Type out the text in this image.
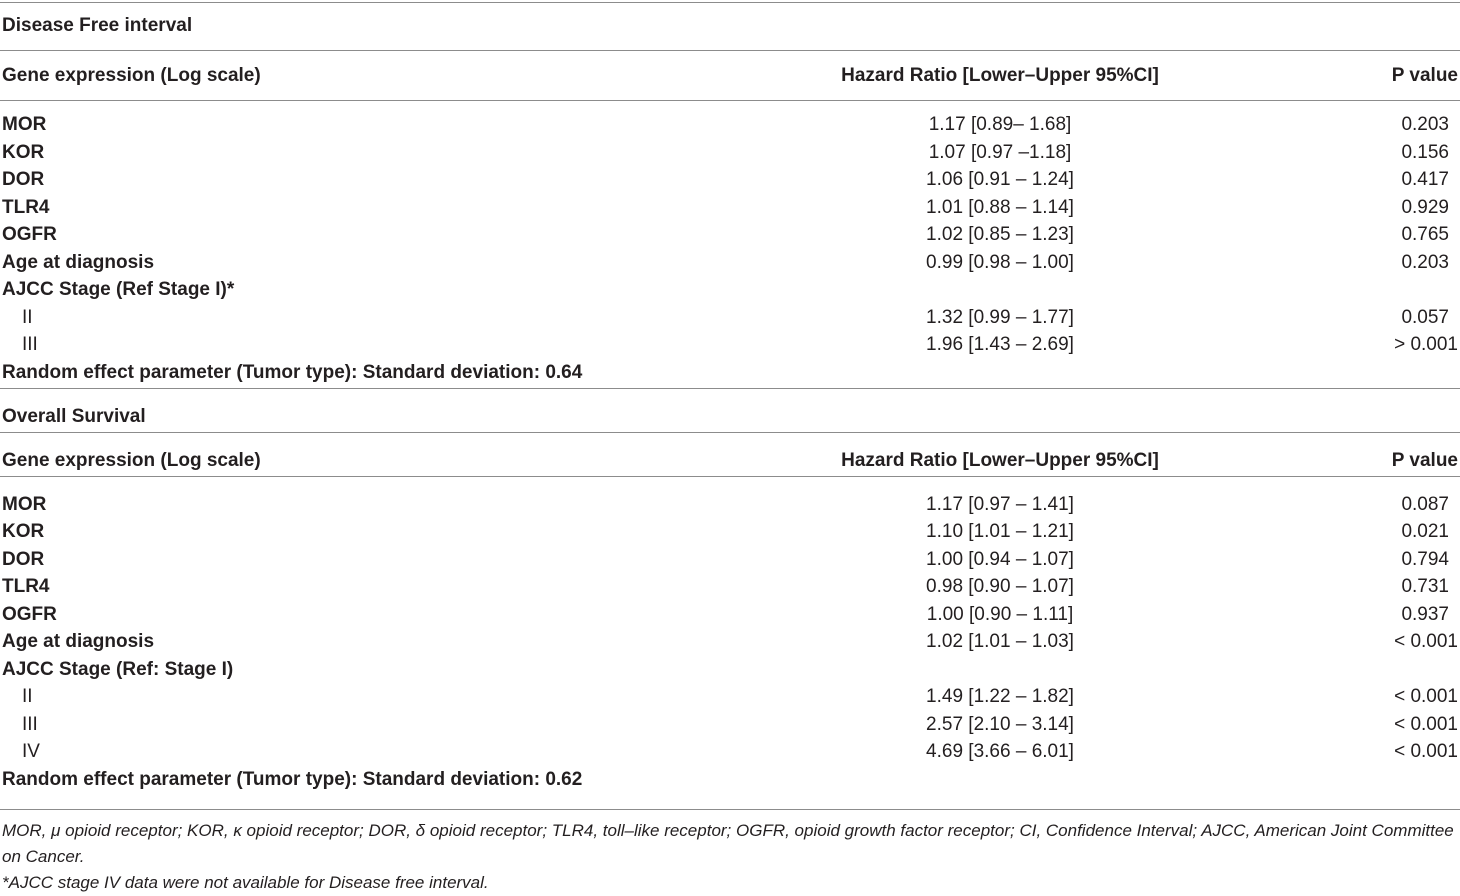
Disease Free interval
Gene expression (Log scale)	Hazard Ratio [Lower–Upper 95%CI]	P value
MOR	1.17 [0.89– 1.68]	0.203
KOR	1.07 [0.97 –1.18]	0.156
DOR	1.06 [0.91 – 1.24]	0.417
TLR4	1.01 [0.88 – 1.14]	0.929
OGFR	1.02 [0.85 – 1.23]	0.765
Age at diagnosis	0.99 [0.98 – 1.00]	0.203
AJCC Stage (Ref Stage I)*
II	1.32 [0.99 – 1.77]	0.057
III	1.96 [1.43 – 2.69]	> 0.001
Random effect parameter (Tumor type): Standard deviation: 0.64
Overall Survival
Gene expression (Log scale)	Hazard Ratio [Lower–Upper 95%CI]	P value
MOR	1.17 [0.97 – 1.41]	0.087
KOR	1.10 [1.01 – 1.21]	0.021
DOR	1.00 [0.94 – 1.07]	0.794
TLR4	0.98 [0.90 – 1.07]	0.731
OGFR	1.00 [0.90 – 1.11]	0.937
Age at diagnosis	1.02 [1.01 – 1.03]	< 0.001
AJCC Stage (Ref: Stage I)
II	1.49 [1.22 – 1.82]	< 0.001
III	2.57 [2.10 – 3.14]	< 0.001
IV	4.69 [3.66 – 6.01]	< 0.001
Random effect parameter (Tumor type): Standard deviation: 0.62
MOR, μ opioid receptor; KOR, κ opioid receptor; DOR, δ opioid receptor; TLR4, toll–like receptor; OGFR, opioid growth factor receptor; CI, Confidence Interval; AJCC, American Joint Committee on Cancer.
*AJCC stage IV data were not available for Disease free interval.
